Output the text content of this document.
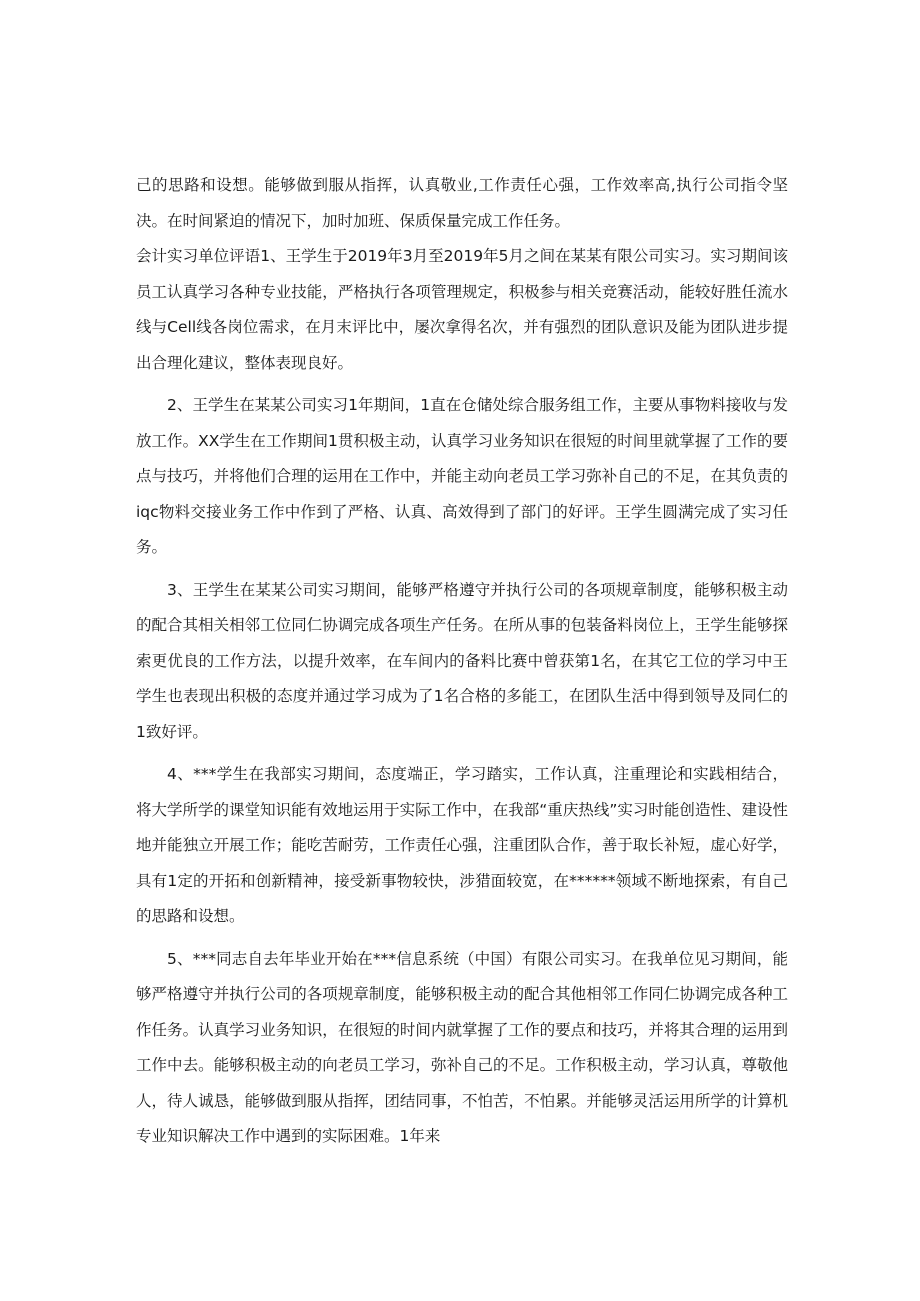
己的思路和设想。能够做到服从指挥，认真敬业,工作责任心强，工作效率高,执行公司指令坚决。在时间紧迫的情况下，加时加班、保质保量完成工作任务。

会计实习单位评语1、王学生于2019年3月至2019年5月之间在某某有限公司实习。实习期间该员工认真学习各种专业技能，严格执行各项管理规定，积极参与相关竞赛活动，能较好胜任流水线与Cell线各岗位需求，在月末评比中，屡次拿得名次，并有强烈的团队意识及能为团队进步提出合理化建议，整体表现良好。

2、王学生在某某公司实习1年期间，1直在仓储处综合服务组工作，主要从事物料接收与发放工作。XX学生在工作期间1贯积极主动，认真学习业务知识在很短的时间里就掌握了工作的要点与技巧，并将他们合理的运用在工作中，并能主动向老员工学习弥补自己的不足，在其负责的iqc物料交接业务工作中作到了严格、认真、高效得到了部门的好评。王学生圆满完成了实习任务。

3、王学生在某某公司实习期间，能够严格遵守并执行公司的各项规章制度，能够积极主动的配合其相关相邻工位同仁协调完成各项生产任务。在所从事的包装备料岗位上，王学生能够探索更优良的工作方法，以提升效率，在车间内的备料比赛中曾获第1名，在其它工位的学习中王学生也表现出积极的态度并通过学习成为了1名合格的多能工，在团队生活中得到领导及同仁的1致好评。

4、***学生在我部实习期间，态度端正，学习踏实，工作认真，注重理论和实践相结合，将大学所学的课堂知识能有效地运用于实际工作中，在我部“重庆热线”实习时能创造性、建设性地并能独立开展工作；能吃苦耐劳，工作责任心强，注重团队合作，善于取长补短，虚心好学，具有1定的开拓和创新精神，接受新事物较快，涉猎面较宽，在******领域不断地探索，有自己的思路和设想。

5、***同志自去年毕业开始在***信息系统（中国）有限公司实习。在我单位见习期间，能够严格遵守并执行公司的各项规章制度，能够积极主动的配合其他相邻工作同仁协调完成各种工作任务。认真学习业务知识，在很短的时间内就掌握了工作的要点和技巧，并将其合理的运用到工作中去。能够积极主动的向老员工学习，弥补自己的不足。工作积极主动，学习认真，尊敬他人，待人诚恳，能够做到服从指挥，团结同事，不怕苦，不怕累。并能够灵活运用所学的计算机专业知识解决工作中遇到的实际困难。1年来
